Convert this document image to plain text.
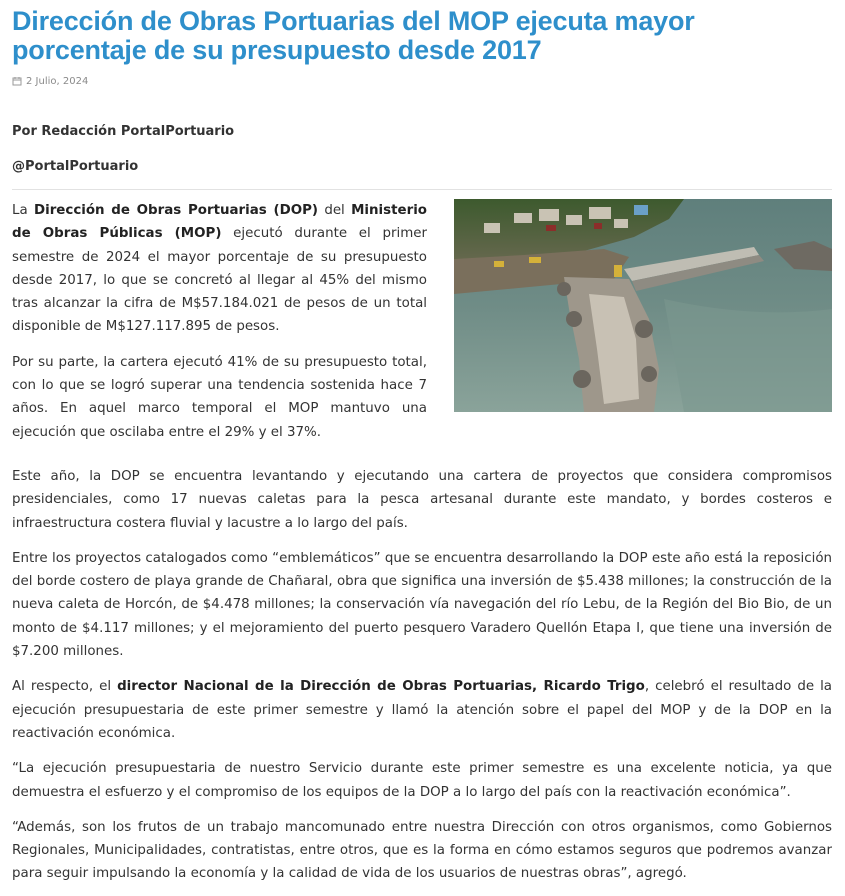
Dirección de Obras Portuarias del MOP ejecuta mayor porcentaje de su presupuesto desde 2017
2 Julio, 2024
Por Redacción PortalPortuario
@PortalPortuario

La Dirección de Obras Portuarias (DOP) del Ministerio de Obras Públicas (MOP) ejecutó durante el primer semestre de 2024 el mayor porcentaje de su presupuesto desde 2017, lo que se concretó al llegar al 45% del mismo tras alcanzar la cifra de M$57.184.021 de pesos de un total disponible de M$127.117.895 de pesos.

Por su parte, la cartera ejecutó 41% de su presupuesto total, con lo que se logró superar una tendencia sostenida hace 7 años. En aquel marco temporal el MOP mantuvo una ejecución que oscilaba entre el 29% y el 37%.

Este año, la DOP se encuentra levantando y ejecutando una cartera de proyectos que considera compromisos presidenciales, como 17 nuevas caletas para la pesca artesanal durante este mandato, y bordes costeros e infraestructura costera fluvial y lacustre a lo largo del país.

Entre los proyectos catalogados como “emblemáticos” que se encuentra desarrollando la DOP este año está la reposición del borde costero de playa grande de Chañaral, obra que significa una inversión de $5.438 millones; la construcción de la nueva caleta de Horcón, de $4.478 millones; la conservación vía navegación del río Lebu, de la Región del Bio Bio, de un monto de $4.117 millones; y el mejoramiento del puerto pesquero Varadero Quellón Etapa I, que tiene una inversión de $7.200 millones.

Al respecto, el director Nacional de la Dirección de Obras Portuarias, Ricardo Trigo, celebró el resultado de la ejecución presupuestaria de este primer semestre y llamó la atención sobre el papel del MOP y de la DOP en la reactivación económica.

“La ejecución presupuestaria de nuestro Servicio durante este primer semestre es una excelente noticia, ya que demuestra el esfuerzo y el compromiso de los equipos de la DOP a lo largo del país con la reactivación económica”.

“Además, son los frutos de un trabajo mancomunado entre nuestra Dirección con otros organismos, como Gobiernos Regionales, Municipalidades, contratistas, entre otros, que es la forma en cómo estamos seguros que podremos avanzar para seguir impulsando la economía y la calidad de vida de los usuarios de nuestras obras”, agregó.
